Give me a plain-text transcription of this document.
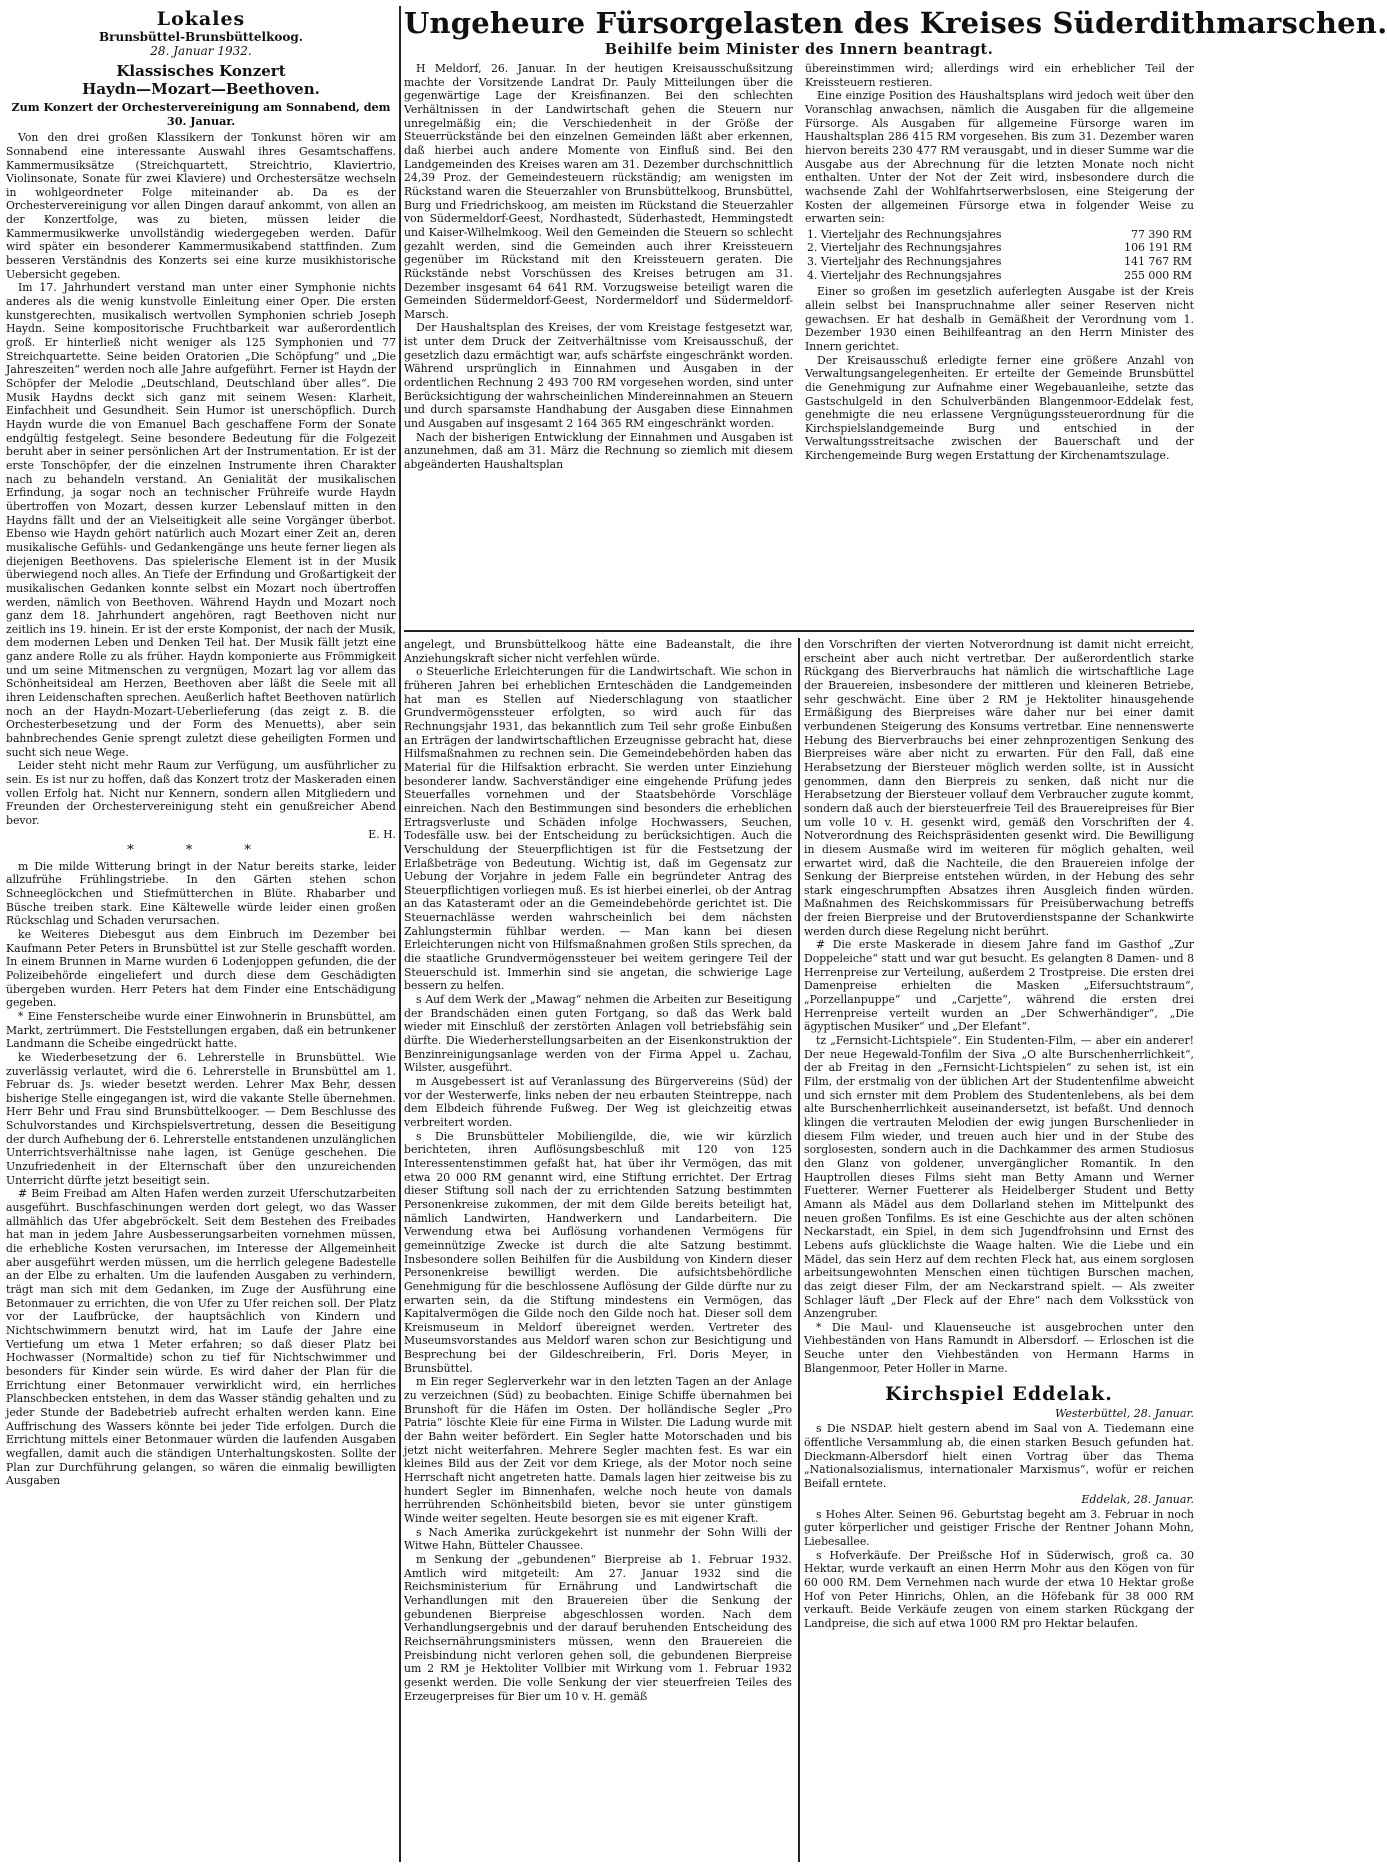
Lokales
Brunsbüttel-Brunsbüttelkoog.
28. Januar 1932.
Klassisches Konzert
Haydn—Mozart—Beethoven.
Zum Konzert der Orchestervereinigung am Sonnabend, dem 30. Januar.

Von den drei großen Klassikern der Tonkunst hören wir am Sonnabend eine interessante Auswahl ihres Gesamtschaffens. Kammermusiksätze (Streichquartett, Streichtrio, Klaviertrio, Violinsonate, Sonate für zwei Klaviere) und Orchestersätze wechseln in wohlgeordneter Folge miteinander ab. Da es der Orchestervereinigung vor allen Dingen darauf ankommt, von allen an der Konzertfolge, was zu bieten, müssen leider die Kammermusikwerke unvollständig wiedergegeben werden. Dafür wird später ein besonderer Kammermusikabend stattfinden. Zum besseren Verständnis des Konzerts sei eine kurze musikhistorische Uebersicht gegeben.

Im 17. Jahrhundert verstand man unter einer Symphonie nichts anderes als die wenig kunstvolle Einleitung einer Oper. Die ersten kunstgerechten, musikalisch wertvollen Symphonien schrieb Joseph Haydn. Seine kompositorische Fruchtbarkeit war außerordentlich groß. Er hinterließ nicht weniger als 125 Symphonien und 77 Streichquartette. Seine beiden Oratorien „Die Schöpfung“ und „Die Jahreszeiten“ werden noch alle Jahre aufgeführt. Ferner ist Haydn der Schöpfer der Melodie „Deutschland, Deutschland über alles“. Die Musik Haydns deckt sich ganz mit seinem Wesen: Klarheit, Einfachheit und Gesundheit. Sein Humor ist unerschöpflich. Durch Haydn wurde die von Emanuel Bach geschaffene Form der Sonate endgültig festgelegt. Seine besondere Bedeutung für die Folgezeit beruht aber in seiner persönlichen Art der Instrumentation. Er ist der erste Tonschöpfer, der die einzelnen Instrumente ihren Charakter nach zu behandeln verstand. An Genialität der musikalischen Erfindung, ja sogar noch an technischer Frühreife wurde Haydn übertroffen von Mozart, dessen kurzer Lebenslauf mitten in den Haydns fällt und der an Vielseitigkeit alle seine Vorgänger überbot. Ebenso wie Haydn gehört natürlich auch Mozart einer Zeit an, deren musikalische Gefühls- und Gedankengänge uns heute ferner liegen als diejenigen Beethovens. Das spielerische Element ist in der Musik überwiegend noch alles. An Tiefe der Erfindung und Großartigkeit der musikalischen Gedanken konnte selbst ein Mozart noch übertroffen werden, nämlich von Beethoven. Während Haydn und Mozart noch ganz dem 18. Jahrhundert angehören, ragt Beethoven nicht nur zeitlich ins 19. hinein. Er ist der erste Komponist, der nach der Musik, dem modernen Leben und Denken Teil hat. Der Musik fällt jetzt eine ganz andere Rolle zu als früher. Haydn komponierte aus Frömmigkeit und um seine Mitmenschen zu vergnügen, Mozart lag vor allem das Schönheitsideal am Herzen, Beethoven aber läßt die Seele mit all ihren Leidenschaften sprechen. Aeußerlich haftet Beethoven natürlich noch an der Haydn-Mozart-Ueberlieferung (das zeigt z. B. die Orchesterbesetzung und der Form des Menuetts), aber sein bahnbrechendes Genie sprengt zuletzt diese geheiligten Formen und sucht sich neue Wege.

Leider steht nicht mehr Raum zur Verfügung, um ausführlicher zu sein. Es ist nur zu hoffen, daß das Konzert trotz der Maskeraden einen vollen Erfolg hat. Nicht nur Kennern, sondern allen Mitgliedern und Freunden der Orchestervereinigung steht ein genußreicher Abend bevor.

E. H.
* * *

m Die milde Witterung bringt in der Natur bereits starke, leider allzufrühe Frühlingstriebe. In den Gärten stehen schon Schneeglöckchen und Stiefmütterchen in Blüte. Rhabarber und Büsche treiben stark. Eine Kältewelle würde leider einen großen Rückschlag und Schaden verursachen.

ke Weiteres Diebesgut aus dem Einbruch im Dezember bei Kaufmann Peter Peters in Brunsbüttel ist zur Stelle geschafft worden. In einem Brunnen in Marne wurden 6 Lodenjoppen gefunden, die der Polizeibehörde eingeliefert und durch diese dem Geschädigten übergeben wurden. Herr Peters hat dem Finder eine Entschädigung gegeben.

* Eine Fensterscheibe wurde einer Einwohnerin in Brunsbüttel, am Markt, zertrümmert. Die Feststellungen ergaben, daß ein betrunkener Landmann die Scheibe eingedrückt hatte.

ke Wiederbesetzung der 6. Lehrerstelle in Brunsbüttel. Wie zuverlässig verlautet, wird die 6. Lehrerstelle in Brunsbüttel am 1. Februar ds. Js. wieder besetzt werden. Lehrer Max Behr, dessen bisherige Stelle eingegangen ist, wird die vakante Stelle übernehmen. Herr Behr und Frau sind Brunsbüttelkooger. — Dem Beschlusse des Schulvorstandes und Kirchspielsvertretung, dessen die Beseitigung der durch Aufhebung der 6. Lehrerstelle entstandenen unzulänglichen Unterrichtsverhältnisse nahe lagen, ist Genüge geschehen. Die Unzufriedenheit in der Elternschaft über den unzureichenden Unterricht dürfte jetzt beseitigt sein.

# Beim Freibad am Alten Hafen werden zurzeit Uferschutzarbeiten ausgeführt. Buschfaschinungen werden dort gelegt, wo das Wasser allmählich das Ufer abgebröckelt. Seit dem Bestehen des Freibades hat man in jedem Jahre Ausbesserungsarbeiten vornehmen müssen, die erhebliche Kosten verursachen, im Interesse der Allgemeinheit aber ausgeführt werden müssen, um die herrlich gelegene Badestelle an der Elbe zu erhalten. Um die laufenden Ausgaben zu verhindern, trägt man sich mit dem Gedanken, im Zuge der Ausführung eine Betonmauer zu errichten, die von Ufer zu Ufer reichen soll. Der Platz vor der Laufbrücke, der hauptsächlich von Kindern und Nichtschwimmern benutzt wird, hat im Laufe der Jahre eine Vertiefung um etwa 1 Meter erfahren; so daß dieser Platz bei Hochwasser (Normaltide) schon zu tief für Nichtschwimmer und besonders für Kinder sein würde. Es wird daher der Plan für die Errichtung einer Betonmauer verwirklicht wird, ein herrliches Planschbecken entstehen, in dem das Wasser ständig gehalten und zu jeder Stunde der Badebetrieb aufrecht erhalten werden kann. Eine Auffrischung des Wassers könnte bei jeder Tide erfolgen. Durch die Errichtung mittels einer Betonmauer würden die laufenden Ausgaben wegfallen, damit auch die ständigen Unterhaltungskosten. Sollte der Plan zur Durchführung gelangen, so wären die einmalig bewilligten Ausgaben

Ungeheure Fürsorgelasten des Kreises Süderdithmarschen.
Beihilfe beim Minister des Innern beantragt.

H Meldorf, 26. Januar. In der heutigen Kreisausschußsitzung machte der Vorsitzende Landrat Dr. Pauly Mitteilungen über die gegenwärtige Lage der Kreisfinanzen. Bei den schlechten Verhältnissen in der Landwirtschaft gehen die Steuern nur unregelmäßig ein; die Verschiedenheit in der Größe der Steuerrückstände bei den einzelnen Gemeinden läßt aber erkennen, daß hierbei auch andere Momente von Einfluß sind. Bei den Landgemeinden des Kreises waren am 31. Dezember durchschnittlich 24,39 Proz. der Gemeindesteuern rückständig; am wenigsten im Rückstand waren die Steuerzahler von Brunsbüttelkoog, Brunsbüttel, Burg und Friedrichskoog, am meisten im Rückstand die Steuerzahler von Südermeldorf-Geest, Nordhastedt, Süderhastedt, Hemmingstedt und Kaiser-Wilhelmkoog. Weil den Gemeinden die Steuern so schlecht gezahlt werden, sind die Gemeinden auch ihrer Kreissteuern gegenüber im Rückstand mit den Kreissteuern geraten. Die Rückstände nebst Vorschüssen des Kreises betrugen am 31. Dezember insgesamt 64 641 RM. Vorzugsweise beteiligt waren die Gemeinden Südermeldorf-Geest, Nordermeldorf und Südermeldorf-Marsch.

Der Haushaltsplan des Kreises, der vom Kreistage festgesetzt war, ist unter dem Druck der Zeitverhältnisse vom Kreisausschuß, der gesetzlich dazu ermächtigt war, aufs schärfste eingeschränkt worden. Während ursprünglich in Einnahmen und Ausgaben in der ordentlichen Rechnung 2 493 700 RM vorgesehen worden, sind unter Berücksichtigung der wahrscheinlichen Mindereinnahmen an Steuern und durch sparsamste Handhabung der Ausgaben diese Einnahmen und Ausgaben auf insgesamt 2 164 365 RM eingeschränkt worden.

Nach der bisherigen Entwicklung der Einnahmen und Ausgaben ist anzunehmen, daß am 31. März die Rechnung so ziemlich mit diesem abgeänderten Haushaltsplan

übereinstimmen wird; allerdings wird ein erheblicher Teil der Kreissteuern restieren.

Eine einzige Position des Haushaltsplans wird jedoch weit über den Voranschlag anwachsen, nämlich die Ausgaben für die allgemeine Fürsorge. Als Ausgaben für allgemeine Fürsorge waren im Haushaltsplan 286 415 RM vorgesehen. Bis zum 31. Dezember waren hiervon bereits 230 477 RM verausgabt, und in dieser Summe war die Ausgabe aus der Abrechnung für die letzten Monate noch nicht enthalten. Unter der Not der Zeit wird, insbesondere durch die wachsende Zahl der Wohlfahrtserwerbslosen, eine Steigerung der Kosten der allgemeinen Fürsorge etwa in folgender Weise zu erwarten sein:

1. Vierteljahr des Rechnungsjahres	77 390 RM
2. Vierteljahr des Rechnungsjahres	106 191 RM
3. Vierteljahr des Rechnungsjahres	141 767 RM
4. Vierteljahr des Rechnungsjahres	255 000 RM

Einer so großen im gesetzlich auferlegten Ausgabe ist der Kreis allein selbst bei Inanspruchnahme aller seiner Reserven nicht gewachsen. Er hat deshalb in Gemäßheit der Verordnung vom 1. Dezember 1930 einen Beihilfeantrag an den Herrn Minister des Innern gerichtet.

Der Kreisausschuß erledigte ferner eine größere Anzahl von Verwaltungsangelegenheiten. Er erteilte der Gemeinde Brunsbüttel die Genehmigung zur Aufnahme einer Wegebauanleihe, setzte das Gastschulgeld in den Schulverbänden Blangenmoor-Eddelak fest, genehmigte die neu erlassene Vergnügungssteuerordnung für die Kirchspielslandgemeinde Burg und entschied in der Verwaltungsstreitsache zwischen der Bauerschaft und der Kirchengemeinde Burg wegen Erstattung der Kirchenamtszulage.

angelegt, und Brunsbüttelkoog hätte eine Badeanstalt, die ihre Anziehungskraft sicher nicht verfehlen würde.

o Steuerliche Erleichterungen für die Landwirtschaft. Wie schon in früheren Jahren bei erheblichen Ernteschäden die Landgemeinden hat man es Stellen auf Niederschlagung von staatlicher Grundvermögenssteuer erfolgten, so wird auch für das Rechnungsjahr 1931, das bekanntlich zum Teil sehr große Einbußen an Erträgen der landwirtschaftlichen Erzeugnisse gebracht hat, diese Hilfsmaßnahmen zu rechnen sein. Die Gemeindebehörden haben das Material für die Hilfsaktion erbracht. Sie werden unter Einziehung besonderer landw. Sachverständiger eine eingehende Prüfung jedes Steuerfalles vornehmen und der Staatsbehörde Vorschläge einreichen. Nach den Bestimmungen sind besonders die erheblichen Ertragsverluste und Schäden infolge Hochwassers, Seuchen, Todesfälle usw. bei der Entscheidung zu berücksichtigen. Auch die Verschuldung der Steuerpflichtigen ist für die Festsetzung der Erlaßbeträge von Bedeutung. Wichtig ist, daß im Gegensatz zur Uebung der Vorjahre in jedem Falle ein begründeter Antrag des Steuerpflichtigen vorliegen muß. Es ist hierbei einerlei, ob der Antrag an das Katasteramt oder an die Gemeindebehörde gerichtet ist. Die Steuernachlässe werden wahrscheinlich bei dem nächsten Zahlungstermin fühlbar werden. — Man kann bei diesen Erleichterungen nicht von Hilfsmaßnahmen großen Stils sprechen, da die staatliche Grundvermögenssteuer bei weitem geringere Teil der Steuerschuld ist. Immerhin sind sie angetan, die schwierige Lage bessern zu helfen.

s Auf dem Werk der „Mawag“ nehmen die Arbeiten zur Beseitigung der Brandschäden einen guten Fortgang, so daß das Werk bald wieder mit Einschluß der zerstörten Anlagen voll betriebsfähig sein dürfte. Die Wiederherstellungsarbeiten an der Eisenkonstruktion der Benzinreinigungsanlage werden von der Firma Appel u. Zachau, Wilster, ausgeführt.

m Ausgebessert ist auf Veranlassung des Bürgervereins (Süd) der vor der Westerwerfe, links neben der neu erbauten Steintreppe, nach dem Elbdeich führende Fußweg. Der Weg ist gleichzeitig etwas verbreitert worden.

s Die Brunsbütteler Mobiliengilde, die, wie wir kürzlich berichteten, ihren Auflösungsbeschluß mit 120 von 125 Interessentenstimmen gefaßt hat, hat über ihr Vermögen, das mit etwa 20 000 RM genannt wird, eine Stiftung errichtet. Der Ertrag dieser Stiftung soll nach der zu errichtenden Satzung bestimmten Personenkreise zukommen, der mit dem Gilde bereits beteiligt hat, nämlich Landwirten, Handwerkern und Landarbeitern. Die Verwendung etwa bei Auflösung vorhandenen Vermögens für gemeinnützige Zwecke ist durch die alte Satzung bestimmt. Insbesondere sollen Beihilfen für die Ausbildung von Kindern dieser Personenkreise bewilligt werden. Die aufsichtsbehördliche Genehmigung für die beschlossene Auflösung der Gilde dürfte nur zu erwarten sein, da die Stiftung mindestens ein Vermögen, das Kapitalvermögen die Gilde noch den Gilde noch hat. Dieser soll dem Kreismuseum in Meldorf übereignet werden. Vertreter des Museumsvorstandes aus Meldorf waren schon zur Besichtigung und Besprechung bei der Gildeschreiberin, Frl. Doris Meyer, in Brunsbüttel.

m Ein reger Seglerverkehr war in den letzten Tagen an der Anlage zu verzeichnen (Süd) zu beobachten. Einige Schiffe übernahmen bei Brunshoft für die Häfen im Osten. Der holländische Segler „Pro Patria“ löschte Kleie für eine Firma in Wilster. Die Ladung wurde mit der Bahn weiter befördert. Ein Segler hatte Motorschaden und bis jetzt nicht weiterfahren. Mehrere Segler machten fest. Es war ein kleines Bild aus der Zeit vor dem Kriege, als der Motor noch seine Herrschaft nicht angetreten hatte. Damals lagen hier zeitweise bis zu hundert Segler im Binnenhafen, welche noch heute von damals herrührenden Schönheitsbild bieten, bevor sie unter günstigem Winde weiter segelten. Heute besorgen sie es mit eigener Kraft.

s Nach Amerika zurückgekehrt ist nunmehr der Sohn Willi der Witwe Hahn, Bütteler Chaussee.

m Senkung der „gebundenen“ Bierpreise ab 1. Februar 1932. Amtlich wird mitgeteilt: Am 27. Januar 1932 sind die Reichsministerium für Ernährung und Landwirtschaft die Verhandlungen mit den Brauereien über die Senkung der gebundenen Bierpreise abgeschlossen worden. Nach dem Verhandlungsergebnis und der darauf beruhenden Entscheidung des Reichsernährungsministers müssen, wenn den Brauereien die Preisbindung nicht verloren gehen soll, die gebundenen Bierpreise um 2 RM je Hektoliter Vollbier mit Wirkung vom 1. Februar 1932 gesenkt werden. Die volle Senkung der vier steuerfreien Teiles des Erzeugerpreises für Bier um 10 v. H. gemäß

den Vorschriften der vierten Notverordnung ist damit nicht erreicht, erscheint aber auch nicht vertretbar. Der außerordentlich starke Rückgang des Bierverbrauchs hat nämlich die wirtschaftliche Lage der Brauereien, insbesondere der mittleren und kleineren Betriebe, sehr geschwächt. Eine über 2 RM je Hektoliter hinausgehende Ermäßigung des Bierpreises wäre daher nur bei einer damit verbundenen Steigerung des Konsums vertretbar. Eine nennenswerte Hebung des Bierverbrauchs bei einer zehnprozentigen Senkung des Bierpreises wäre aber nicht zu erwarten. Für den Fall, daß eine Herabsetzung der Biersteuer möglich werden sollte, ist in Aussicht genommen, dann den Bierpreis zu senken, daß nicht nur die Herabsetzung der Biersteuer vollauf dem Verbraucher zugute kommt, sondern daß auch der biersteuerfreie Teil des Brauereipreises für Bier um volle 10 v. H. gesenkt wird, gemäß den Vorschriften der 4. Notverordnung des Reichspräsidenten gesenkt wird. Die Bewilligung in diesem Ausmaße wird im weiteren für möglich gehalten, weil erwartet wird, daß die Nachteile, die den Brauereien infolge der Senkung der Bierpreise entstehen würden, in der Hebung des sehr stark eingeschrumpften Absatzes ihren Ausgleich finden würden. Maßnahmen des Reichskommissars für Preisüberwachung betreffs der freien Bierpreise und der Brutoverdienstspanne der Schankwirte werden durch diese Regelung nicht berührt.

# Die erste Maskerade in diesem Jahre fand im Gasthof „Zur Doppeleiche“ statt und war gut besucht. Es gelangten 8 Damen- und 8 Herrenpreise zur Verteilung, außerdem 2 Trostpreise. Die ersten drei Damenpreise erhielten die Masken „Eifersuchtstraum“, „Porzellanpuppe“ und „Carjette“, während die ersten drei Herrenpreise verteilt wurden an „Der Schwerhändiger“, „Die ägyptischen Musiker“ und „Der Elefant“.

tz „Fernsicht-Lichtspiele“. Ein Studenten-Film, — aber ein anderer! Der neue Hegewald-Tonfilm der Siva „O alte Burschenherrlichkeit“, der ab Freitag in den „Fernsicht-Lichtspielen“ zu sehen ist, ist ein Film, der erstmalig von der üblichen Art der Studentenfilme abweicht und sich ernster mit dem Problem des Studentenlebens, als bei dem alte Burschenherrlichkeit auseinandersetzt, ist befaßt. Und dennoch klingen die vertrauten Melodien der ewig jungen Burschenlieder in diesem Film wieder, und treuen auch hier und in der Stube des sorglosesten, sondern auch in die Dachkammer des armen Studiosus den Glanz von goldener, unvergänglicher Romantik. In den Hauptrollen dieses Films sieht man Betty Amann und Werner Fuetterer. Werner Fuetterer als Heidelberger Student und Betty Amann als Mädel aus dem Dollarland stehen im Mittelpunkt des neuen großen Tonfilms. Es ist eine Geschichte aus der alten schönen Neckarstadt, ein Spiel, in dem sich Jugendfrohsinn und Ernst des Lebens aufs glücklichste die Waage halten. Wie die Liebe und ein Mädel, das sein Herz auf dem rechten Fleck hat, aus einem sorglosen arbeitsungewohnten Menschen einen tüchtigen Burschen machen, das zeigt dieser Film, der am Neckarstrand spielt. — Als zweiter Schlager läuft „Der Fleck auf der Ehre“ nach dem Volksstück von Anzengruber.

* Die Maul- und Klauenseuche ist ausgebrochen unter den Viehbeständen von Hans Ramundt in Albersdorf. — Erloschen ist die Seuche unter den Viehbeständen von Hermann Harms in Blangenmoor, Peter Holler in Marne.

Kirchspiel Eddelak.
Westerbüttel, 28. Januar.

s Die NSDAP. hielt gestern abend im Saal von A. Tiedemann eine öffentliche Versammlung ab, die einen starken Besuch gefunden hat. Dieckmann-Albersdorf hielt einen Vortrag über das Thema „Nationalsozialismus, internationaler Marxismus“, wofür er reichen Beifall erntete.

Eddelak, 28. Januar.

s Hohes Alter. Seinen 96. Geburtstag begeht am 3. Februar in noch guter körperlicher und geistiger Frische der Rentner Johann Mohn, Liebesallee.

s Hofverkäufe. Der Preißsche Hof in Süderwisch, groß ca. 30 Hektar, wurde verkauft an einen Herrn Mohr aus den Kögen von für 60 000 RM. Dem Vernehmen nach wurde der etwa 10 Hektar große Hof von Peter Hinrichs, Ohlen, an die Höfebank für 38 000 RM verkauft. Beide Verkäufe zeugen von einem starken Rückgang der Landpreise, die sich auf etwa 1000 RM pro Hektar belaufen.
